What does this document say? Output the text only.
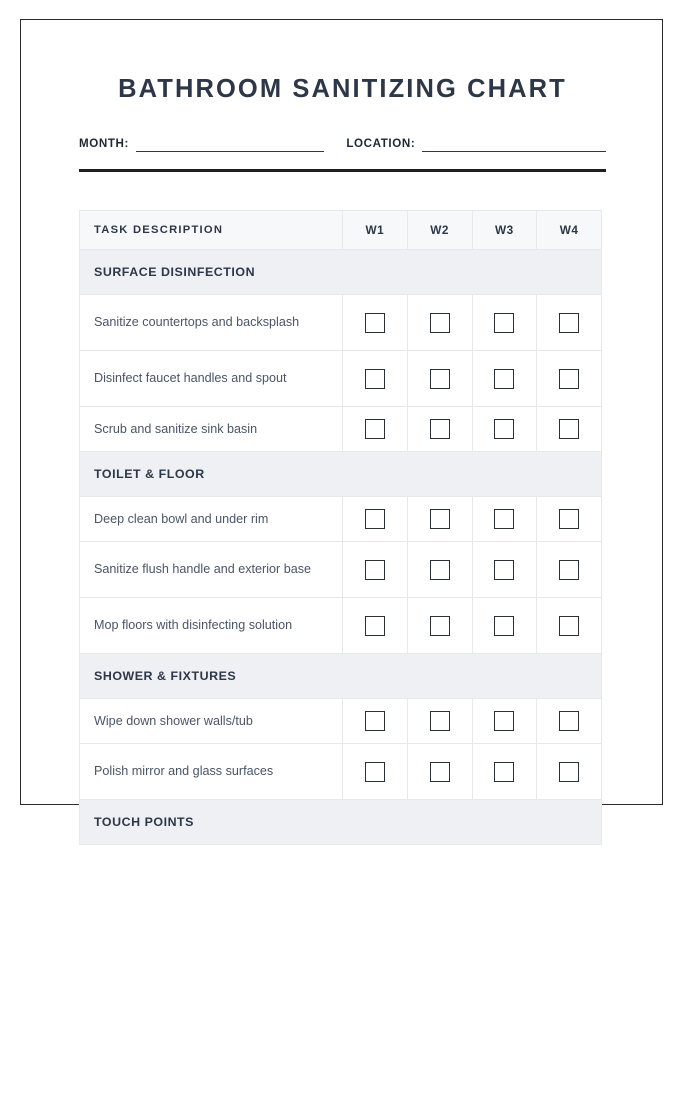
BATHROOM SANITIZING CHART
MONTH:	LOCATION:
TASK DESCRIPTION	W1	W2	W3	W4
SURFACE DISINFECTION				
Sanitize countertops and backsplash				
Disinfect faucet handles and spout				
Scrub and sanitize sink basin				
TOILET & FLOOR				
Deep clean bowl and under rim				
Sanitize flush handle and exterior base				
Mop floors with disinfecting solution				
SHOWER & FIXTURES				
Wipe down shower walls/tub				
Polish mirror and glass surfaces				
TOUCH POINTS				
